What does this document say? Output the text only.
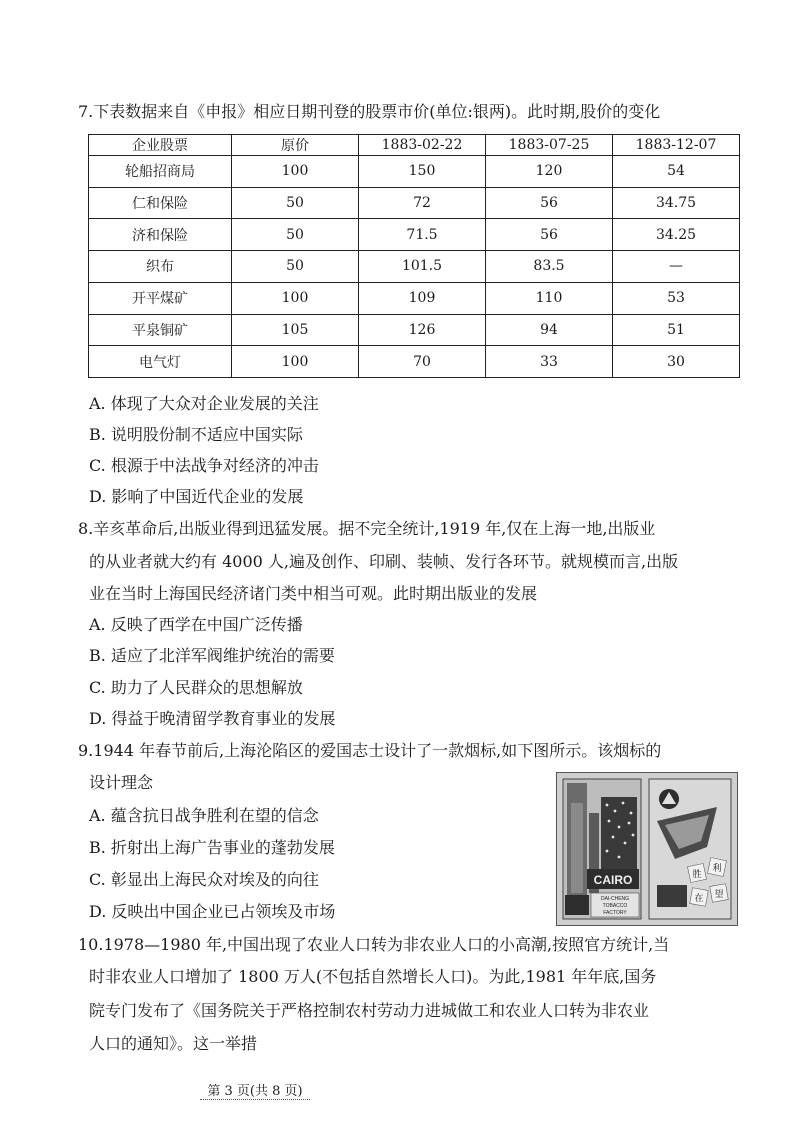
7.下表数据来自《申报》相应日期刊登的股票市价(单位:银两)。此时期,股价的变化
企业股票	原价	1883-02-22	1883-07-25	1883-12-07
轮船招商局	100	150	120	54
仁和保险	50	72	56	34.75
济和保险	50	71.5	56	34.25
织布	50	101.5	83.5	—
开平煤矿	100	109	110	53
平泉铜矿	105	126	94	51
电气灯	100	70	33	30
A. 体现了大众对企业发展的关注
B. 说明股份制不适应中国实际
C. 根源于中法战争对经济的冲击
D. 影响了中国近代企业的发展
8.辛亥革命后,出版业得到迅猛发展。据不完全统计,1919 年,仅在上海一地,出版业
的从业者就大约有 4000 人,遍及创作、印刷、装帧、发行各环节。就规模而言,出版
业在当时上海国民经济诸门类中相当可观。此时期出版业的发展
A. 反映了西学在中国广泛传播
B. 适应了北洋军阀维护统治的需要
C. 助力了人民群众的思想解放
D. 得益于晚清留学教育事业的发展
9.1944 年春节前后,上海沦陷区的爱国志士设计了一款烟标,如下图所示。该烟标的
设计理念
A. 蕴含抗日战争胜利在望的信念
B. 折射出上海广告事业的蓬勃发展
C. 彰显出上海民众对埃及的向往
D. 反映出中国企业已占领埃及市场
CAIRO
DAI-CHENG
TOBACCO
FACTORY
胜
利
在 望
10.1978—1980 年,中国出现了农业人口转为非农业人口的小高潮,按照官方统计,当
时非农业人口增加了 1800 万人(不包括自然增长人口)。为此,1981 年年底,国务
院专门发布了《国务院关于严格控制农村劳动力进城做工和农业人口转为非农业
人口的通知》。这一举措
第 3 页(共 8 页)
